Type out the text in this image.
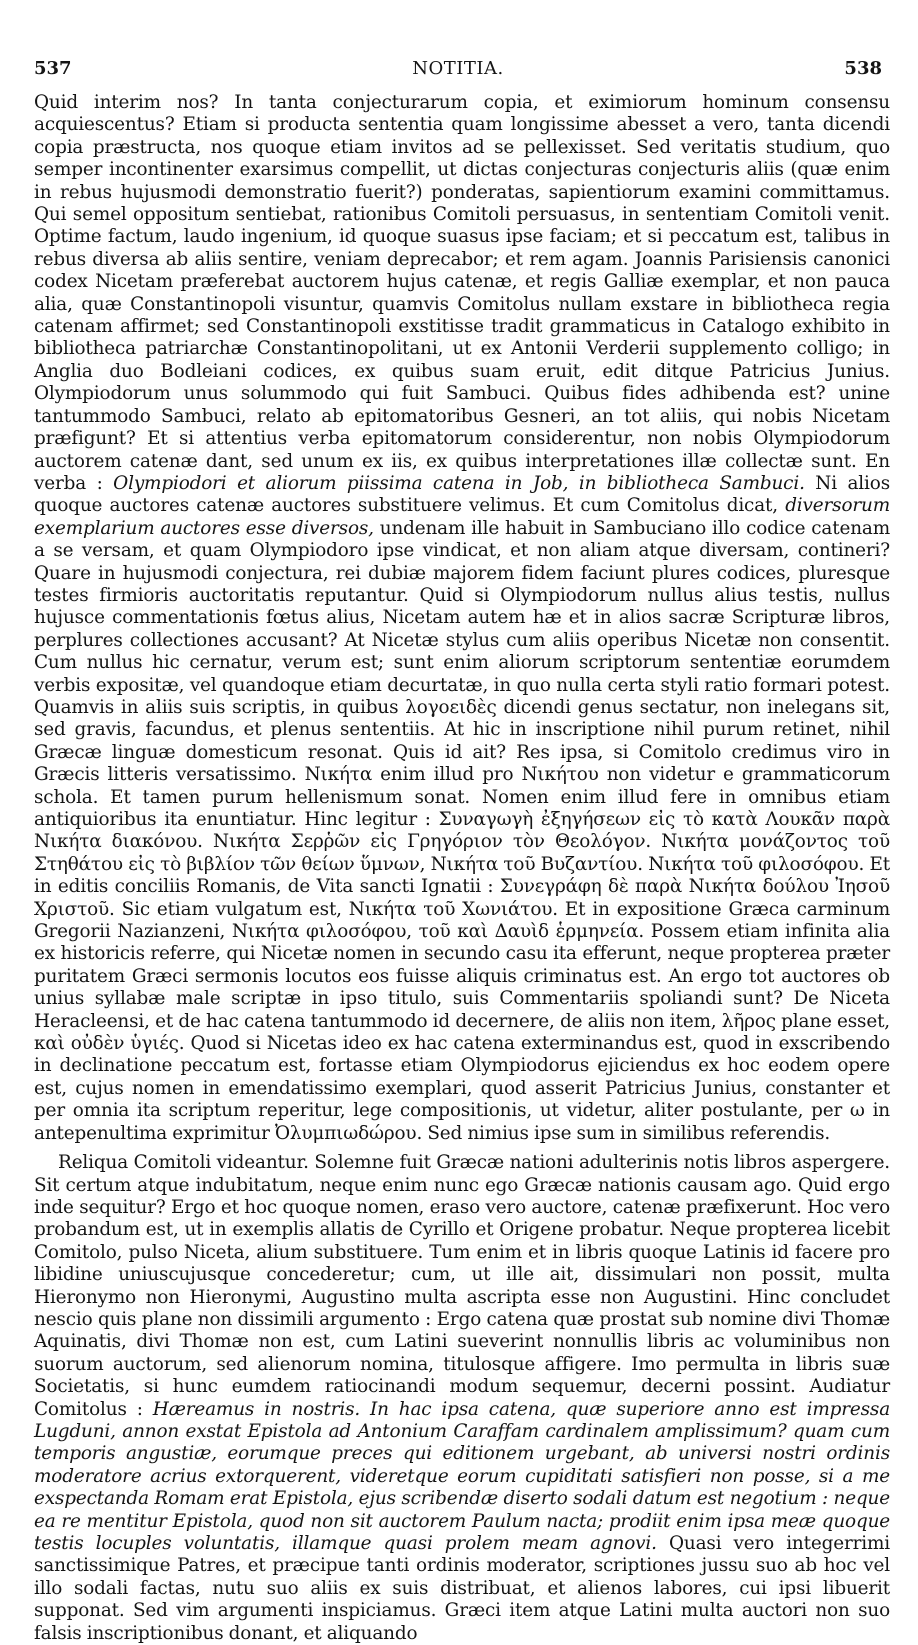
537	NOTITIA.	538

Quid interim nos? In tanta conjecturarum copia, et eximiorum hominum consensu acquiescentus? Etiam si producta sententia quam longissime abesset a vero, tanta dicendi copia præstructa, nos quoque etiam invitos ad se pellexisset. Sed veritatis studium, quo semper incontinenter exarsimus compellit, ut dictas conjecturas conjecturis aliis (quæ enim in rebus hujusmodi demonstratio fuerit?) ponderatas, sapientiorum examini committamus. Qui semel oppositum sentiebat, rationibus Comitoli persuasus, in sententiam Comitoli venit. Optime factum, laudo ingenium, id quoque suasus ipse faciam; et si peccatum est, talibus in rebus diversa ab aliis sentire, veniam deprecabor; et rem agam. Joannis Parisiensis canonici codex Nicetam præferebat auctorem hujus catenæ, et regis Galliæ exemplar, et non pauca alia, quæ Constantinopoli visuntur, quamvis Comitolus nullam exstare in bibliotheca regia catenam affirmet; sed Constantinopoli exstitisse tradit grammaticus in Catalogo exhibito in bibliotheca patriarchæ Constantinopolitani, ut ex Antonii Verderii supplemento colligo; in Anglia duo Bodleiani codices, ex quibus suam eruit, edit ditque Patricius Junius. Olympiodorum unus solummodo qui fuit Sambuci. Quibus fides adhibenda est? unine tantummodo Sambuci, relato ab epitomatoribus Gesneri, an tot aliis, qui nobis Nicetam præfigunt? Et si attentius verba epitomatorum considerentur, non nobis Olympiodorum auctorem catenæ dant, sed unum ex iis, ex quibus interpretationes illæ collectæ sunt. En verba : Olympiodori et aliorum piissima catena in Job, in bibliotheca Sambuci. Ni alios quoque auctores catenæ auctores substituere velimus. Et cum Comitolus dicat, diversorum exemplarium auctores esse diversos, undenam ille habuit in Sambuciano illo codice catenam a se versam, et quam Olympiodoro ipse vindicat, et non aliam atque diversam, contineri? Quare in hujusmodi conjectura, rei dubiæ majorem fidem faciunt plures codices, pluresque testes firmioris auctoritatis reputantur. Quid si Olympiodorum nullus alius testis, nullus hujusce commentationis fœtus alius, Nicetam autem hæ et in alios sacræ Scripturæ libros, perplures collectiones accusant? At Nicetæ stylus cum aliis operibus Nicetæ non consentit. Cum nullus hic cernatur, verum est; sunt enim aliorum scriptorum sententiæ eorumdem verbis expositæ, vel quandoque etiam decurtatæ, in quo nulla certa styli ratio formari potest. Quamvis in aliis suis scriptis, in quibus λογοειδὲς dicendi genus sectatur, non inelegans sit, sed gravis, facundus, et plenus sententiis. At hic in inscriptione nihil purum retinet, nihil Græcæ linguæ domesticum resonat. Quis id ait? Res ipsa, si Comitolo credimus viro in Græcis litteris versatissimo. Νικήτα enim illud pro Νικήτου non videtur e grammaticorum schola. Et tamen purum hellenismum sonat. Nomen enim illud fere in omnibus etiam antiquioribus ita enuntiatur. Hinc legitur : Συναγωγὴ ἐξηγήσεων εἰς τὸ κατὰ Λουκᾶν παρὰ Νικήτα διακόνου. Νικήτα Σερῥῶν εἰς Γρηγόριον τὸν Θεολόγον. Νικήτα μονάζοντος τοῦ Στηθάτου εἰς τὸ βιβλίον τῶν θείων ὕμνων, Νικήτα τοῦ Βυζαντίου. Νικήτα τοῦ φιλοσόφου. Et in editis conciliis Romanis, de Vita sancti Ignatii : Συνεγράφη δὲ παρὰ Νικήτα δούλου Ἰησοῦ Χριστοῦ. Sic etiam vulgatum est, Νικήτα τοῦ Χωνιάτου. Et in expositione Græca carminum Gregorii Nazianzeni, Νικήτα φιλοσόφου, τοῦ καὶ Δαυὶδ ἑρμηνεία. Possem etiam infinita alia ex historicis referre, qui Nicetæ nomen in secundo casu ita efferunt, neque propterea præter puritatem Græci sermonis locutos eos fuisse aliquis criminatus est. An ergo tot auctores ob unius syllabæ male scriptæ in ipso titulo, suis Commentariis spoliandi sunt? De Niceta Heracleensi, et de hac catena tantummodo id decernere, de aliis non item, λῆρος plane esset, καὶ οὐδὲν ὑγιές. Quod si Nicetas ideo ex hac catena exterminandus est, quod in exscribendo in declinatione peccatum est, fortasse etiam Olympiodorus ejiciendus ex hoc eodem opere est, cujus nomen in emendatissimo exemplari, quod asserit Patricius Junius, constanter et per omnia ita scriptum reperitur, lege compositionis, ut videtur, aliter postulante, per ω in antepenultima exprimitur Ὀλυμπιωδώρου. Sed nimius ipse sum in similibus referendis.

Reliqua Comitoli videantur. Solemne fuit Græcæ nationi adulterinis notis libros aspergere. Sit certum atque indubitatum, neque enim nunc ego Græcæ nationis causam ago. Quid ergo inde sequitur? Ergo et hoc quoque nomen, eraso vero auctore, catenæ præfixerunt. Hoc vero probandum est, ut in exemplis allatis de Cyrillo et Origene probatur. Neque propterea licebit Comitolo, pulso Niceta, alium substituere. Tum enim et in libris quoque Latinis id facere pro libidine uniuscujusque concederetur; cum, ut ille ait, dissimulari non possit, multa Hieronymo non Hieronymi, Augustino multa ascripta esse non Augustini. Hinc concludet nescio quis plane non dissimili argumento : Ergo catena quæ prostat sub nomine divi Thomæ Aquinatis, divi Thomæ non est, cum Latini sueverint nonnullis libris ac voluminibus non suorum auctorum, sed alienorum nomina, titulosque affigere. Imo permulta in libris suæ Societatis, si hunc eumdem ratiocinandi modum sequemur, decerni possint. Audiatur Comitolus : Hæreamus in nostris. In hac ipsa catena, quæ superiore anno est impressa Lugduni, annon exstat Epistola ad Antonium Caraffam cardinalem amplissimum? quam cum temporis angustiæ, eorumque preces qui editionem urgebant, ab universi nostri ordinis moderatore acrius extorquerent, videretque eorum cupiditati satisfieri non posse, si a me exspectanda Romam erat Epistola, ejus scribendæ diserto sodali datum est negotium : neque ea re mentitur Epistola, quod non sit auctorem Paulum nacta; prodiit enim ipsa meæ quoque testis locuples voluntatis, illamque quasi prolem meam agnovi. Quasi vero integerrimi sanctissimique Patres, et præcipue tanti ordinis moderator, scriptiones jussu suo ab hoc vel illo sodali factas, nutu suo aliis ex suis distribuat, et alienos labores, cui ipsi libuerit supponat. Sed vim argumenti inspiciamus. Græci item atque Latini multa auctori non suo falsis inscriptionibus donant, et aliquando
